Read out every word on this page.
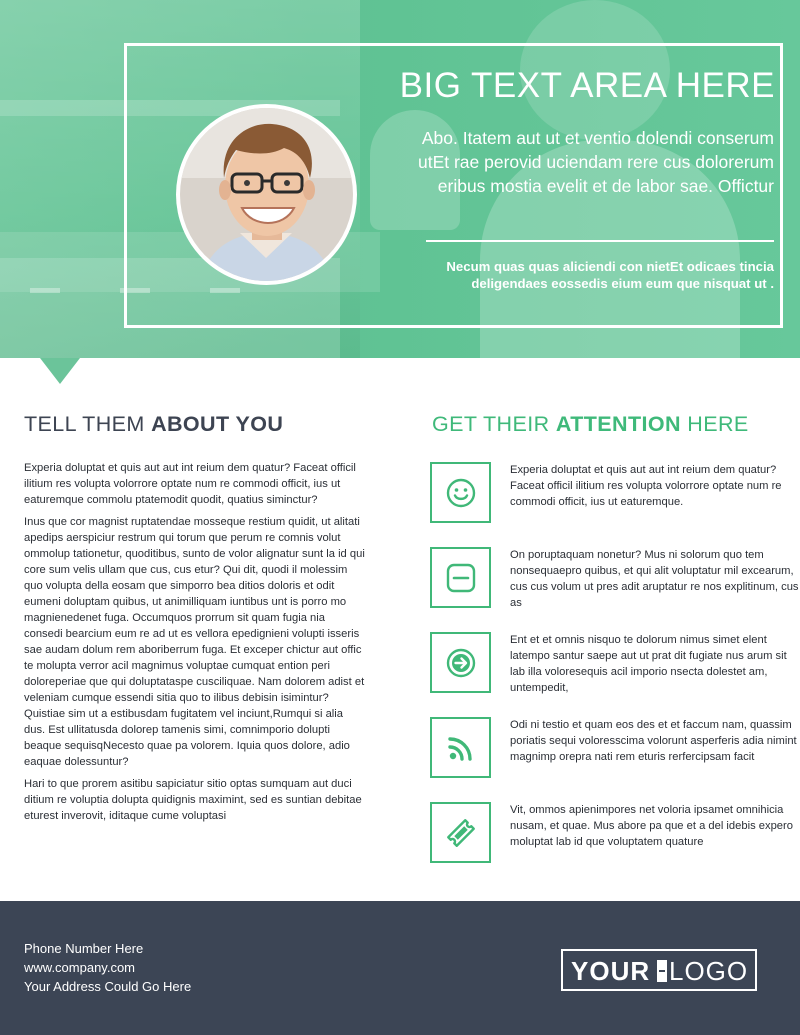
BIG TEXT AREA HERE
Abo. Itatem aut ut et ventio dolendi conserum utEt rae perovid uciendam rere cus dolorerum eribus mostia evelit et de labor sae. Offictur
Necum quas quas aliciendi con nietEt odicaes tincia deligendaes eossedis eium eum que nisquat ut .
TELL THEM ABOUT YOU

Experia doluptat et quis aut aut int reium dem quatur? Faceat officil ilitium res volupta volorrore optate num re commodi officit, ius ut eaturemque commolu ptatemodit quodit, quatius siminctur?

Inus que cor magnist ruptatendae mosseque restium quidit, ut alitati apedips aerspiciur restrum qui torum que perum re comnis volut ommolup tationetur, quoditibus, sunto de volor alignatur sunt la id qui core sum velis ullam que cus, cus etur? Qui dit, quodi il molessim quo volupta della eosam que simporro bea ditios doloris et odit eumeni doluptam quibus, ut animilliquam iuntibus unt is porro mo magnienedenet fuga. Occumquos prorrum sit quam fugia nia consedi bearcium eum re ad ut es vellora epedignieni volupti isseris sae audam dolum rem aboriberrum fuga. Et exceper chictur aut offic te molupta verror acil magnimus voluptae cumquat ention peri doloreperiae que qui doluptataspe cusciliquae. Nam dolorem adist et veleniam cumque essendi sitia quo to ilibus debisin isimintur? Quistiae sim ut a estibusdam fugitatem vel inciunt,Rumqui si alia dus. Est ullitatusda dolorep tamenis simi, comnimporio dolupti beaque sequisqNecesto quae pa volorem. Iquia quos dolore, adio eaquae dolessuntur?

Hari to que prorem asitibu sapiciatur sitio optas sumquam aut duci ditium re voluptia dolupta quidignis maximint, sed es suntian debitae eturest inverovit, iditaque cume voluptasi

GET THEIR ATTENTION HERE
Experia doluptat et quis aut aut int reium dem quatur? Faceat officil ilitium res volupta volorrore optate num re commodi officit, ius ut eaturemque.
On poruptaquam nonetur? Mus ni solorum quo tem nonsequaepro quibus, et qui alit voluptatur mil excearum, cus cus volum ut pres adit aruptatur re nos explitinum, cus as
Ent et et omnis nisquo te dolorum nimus simet elent latempo santur saepe aut ut prat dit fugiate nus arum sit lab illa voloresequis acil imporio nsecta dolestet am, untempedit,
Odi ni testio et quam eos des et et faccum nam, quassim poriatis sequi voloresscima volorunt asperferis adia nimint magnimp orepra nati rem eturis rerfercipsam facit
Vit, ommos apienimpores net voloria ipsamet omnihicia nusam, et quae. Mus abore pa que et a del idebis expero moluptat lab id que voluptatem quature
Phone Number Here
www.company.com
Your Address Could Go Here
YOUR LOGO
